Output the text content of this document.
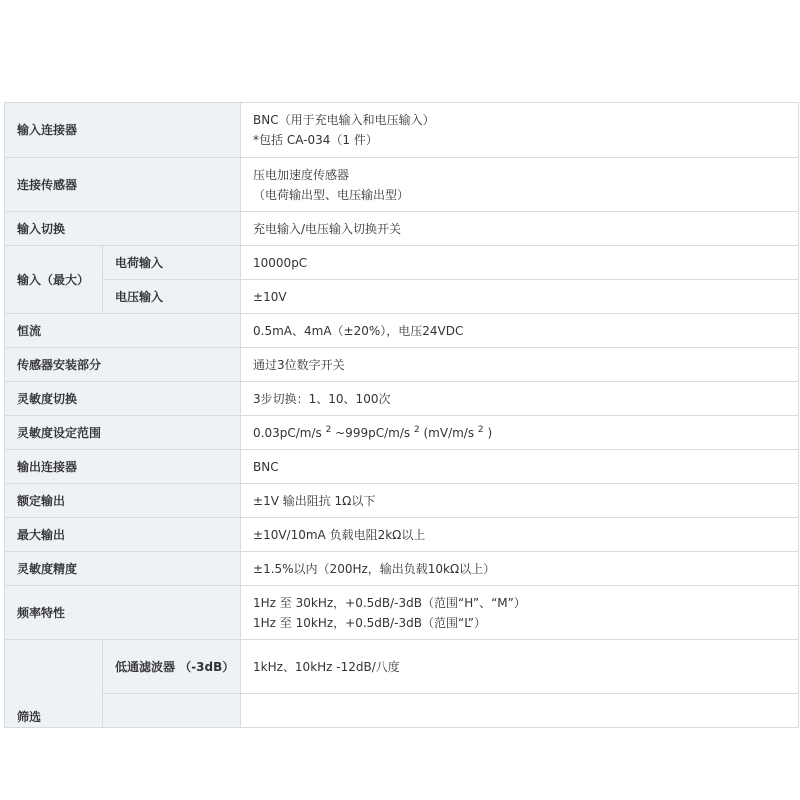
输入连接器		BNC（用于充电输入和电压输入）
*包括 CA-034（1 件）

连接传感器		压电加速度传感器
（电荷输出型、电压输出型）

输入切换		充电输入/电压输入切换开关
输入（最大）	电荷输入	10000pC
	电压输入	±10V
恒流		0.5mA、4mA（±20%），电压24VDC
传感器安装部分		通过3位数字开关
灵敏度切换		3步切换：1、10、100次
灵敏度设定范围		0.03pC/m/s $^2$ ~999pC/m/s $^2$ (mV/m/s $^2$ )
输出连接器		BNC
额定输出		±1V 输出阻抗 1Ω以下
最大输出		±10V/10mA 负载电阻2kΩ以上
灵敏度精度		±1.5%以内（200Hz，输出负载10kΩ以上）
频率特性		1Hz 至 30kHz，+0.5dB/-3dB（范围“H”、“M”）
1Hz 至 10kHz，+0.5dB/-3dB（范围“L”）

筛选	低通滤波器 （-3dB）	1kHz、10kHz -12dB/八度
